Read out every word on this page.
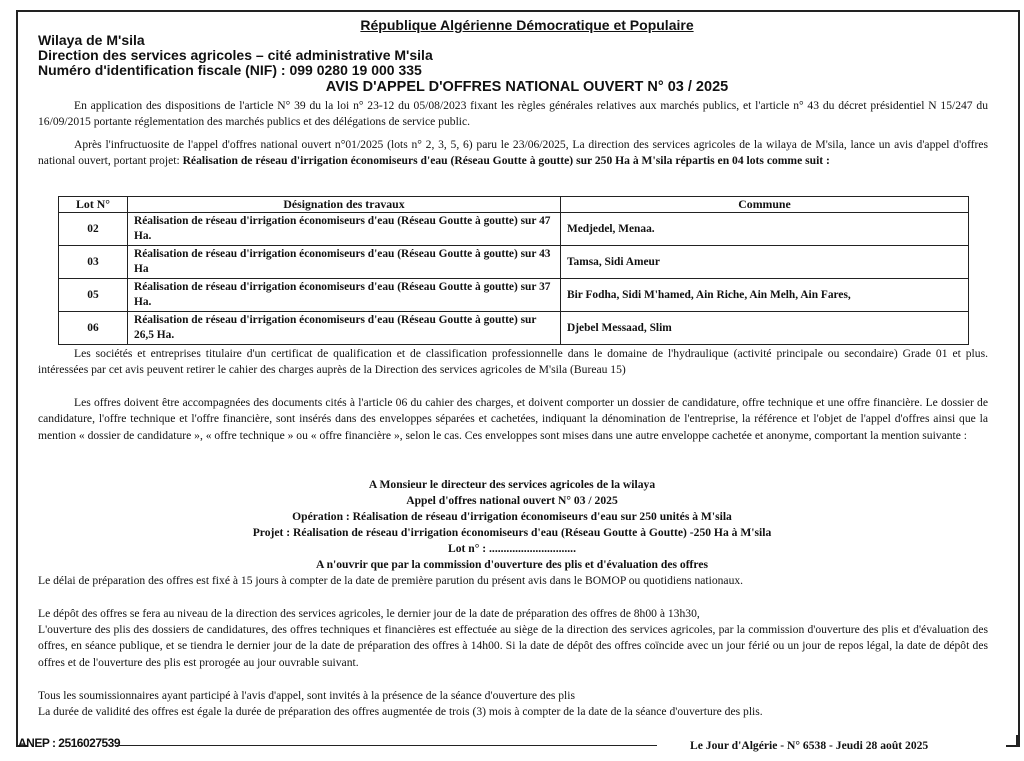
République Algérienne Démocratique et Populaire
Wilaya de M'sila
Direction des services agricoles – cité administrative M'sila
Numéro d'identification fiscale (NIF) : 099 0280 19 000 335
AVIS D'APPEL D'OFFRES NATIONAL OUVERT N° 03 / 2025
En application des dispositions de l'article N° 39 du la loi n° 23-12 du 05/08/2023 fixant les règles générales relatives aux marchés publics, et l'article n° 43 du décret présidentiel N 15/247 du 16/09/2015 portante réglementation des marchés publics et des délégations de service public.
Après l'infructuosite de l'appel d'offres national ouvert n°01/2025 (lots n° 2, 3, 5, 6) paru le 23/06/2025, La direction des services agricoles de la wilaya de M'sila, lance un avis d'appel d'offres national ouvert, portant projet: Réalisation de réseau d'irrigation économiseurs d'eau (Réseau Goutte à goutte) sur 250 Ha à M'sila répartis en 04 lots comme suit :
Lot N°	Désignation des travaux	Commune
02	Réalisation de réseau d'irrigation économiseurs d'eau (Réseau Goutte à goutte) sur 47 Ha.	Medjedel, Menaa.
03	Réalisation de réseau d'irrigation économiseurs d'eau (Réseau Goutte à goutte) sur 43 Ha	Tamsa, Sidi Ameur
05	Réalisation de réseau d'irrigation économiseurs d'eau (Réseau Goutte à goutte) sur 37 Ha.	Bir Fodha, Sidi M'hamed, Ain Riche, Ain Melh, Ain Fares,
06	Réalisation de réseau d'irrigation économiseurs d'eau (Réseau Goutte à goutte) sur 26,5 Ha.	Djebel Messaad, Slim
Les sociétés et entreprises titulaire d'un certificat de qualification et de classification professionnelle dans le domaine de l'hydraulique (activité principale ou secondaire) Grade 01 et plus. intéressées par cet avis peuvent retirer le cahier des charges auprès de la Direction des services agricoles de M'sila (Bureau 15)
Les offres doivent être accompagnées des documents cités à l'article 06 du cahier des charges, et doivent comporter un dossier de candidature, offre technique et une offre financière. Le dossier de candidature, l'offre technique et l'offre financière, sont insérés dans des enveloppes séparées et cachetées, indiquant la dénomination de l'entreprise, la référence et l'objet de l'appel d'offres ainsi que la mention « dossier de candidature », « offre technique » ou « offre financière », selon le cas. Ces enveloppes sont mises dans une autre enveloppe cachetée et anonyme, comportant la mention suivante :
A Monsieur le directeur des services agricoles de la wilaya
Appel d'offres national ouvert N° 03 / 2025
Opération : Réalisation de réseau d'irrigation économiseurs d'eau sur 250 unités à M'sila
Projet : Réalisation de réseau d'irrigation économiseurs d'eau (Réseau Goutte à Goutte) -250 Ha à M'sila
Lot n° : ..............................
A n'ouvrir que par la commission d'ouverture des plis et d'évaluation des offres
Le délai de préparation des offres est fixé à 15 jours à compter de la date de première parution du présent avis dans le BOMOP ou quotidiens nationaux.
Le dépôt des offres se fera au niveau de la direction des services agricoles, le dernier jour de la date de préparation des offres de 8h00 à 13h30,
L'ouverture des plis des dossiers de candidatures, des offres techniques et financières est effectuée au siège de la direction des services agricoles, par la commission d'ouverture des plis et d'évaluation des offres, en séance publique, et se tiendra le dernier jour de la date de préparation des offres à 14h00. Si la date de dépôt des offres coïncide avec un jour férié ou un jour de repos légal, la date de dépôt des offres et de l'ouverture des plis est prorogée au jour ouvrable suivant.
Tous les soumissionnaires ayant participé à l'avis d'appel, sont invités à la présence de la séance d'ouverture des plis
La durée de validité des offres est égale la durée de préparation des offres augmentée de trois (3) mois à compter de la date de la séance d'ouverture des plis.
ANEP : 2516027539	Le Jour d'Algérie - N° 6538 - Jeudi 28 août 2025
